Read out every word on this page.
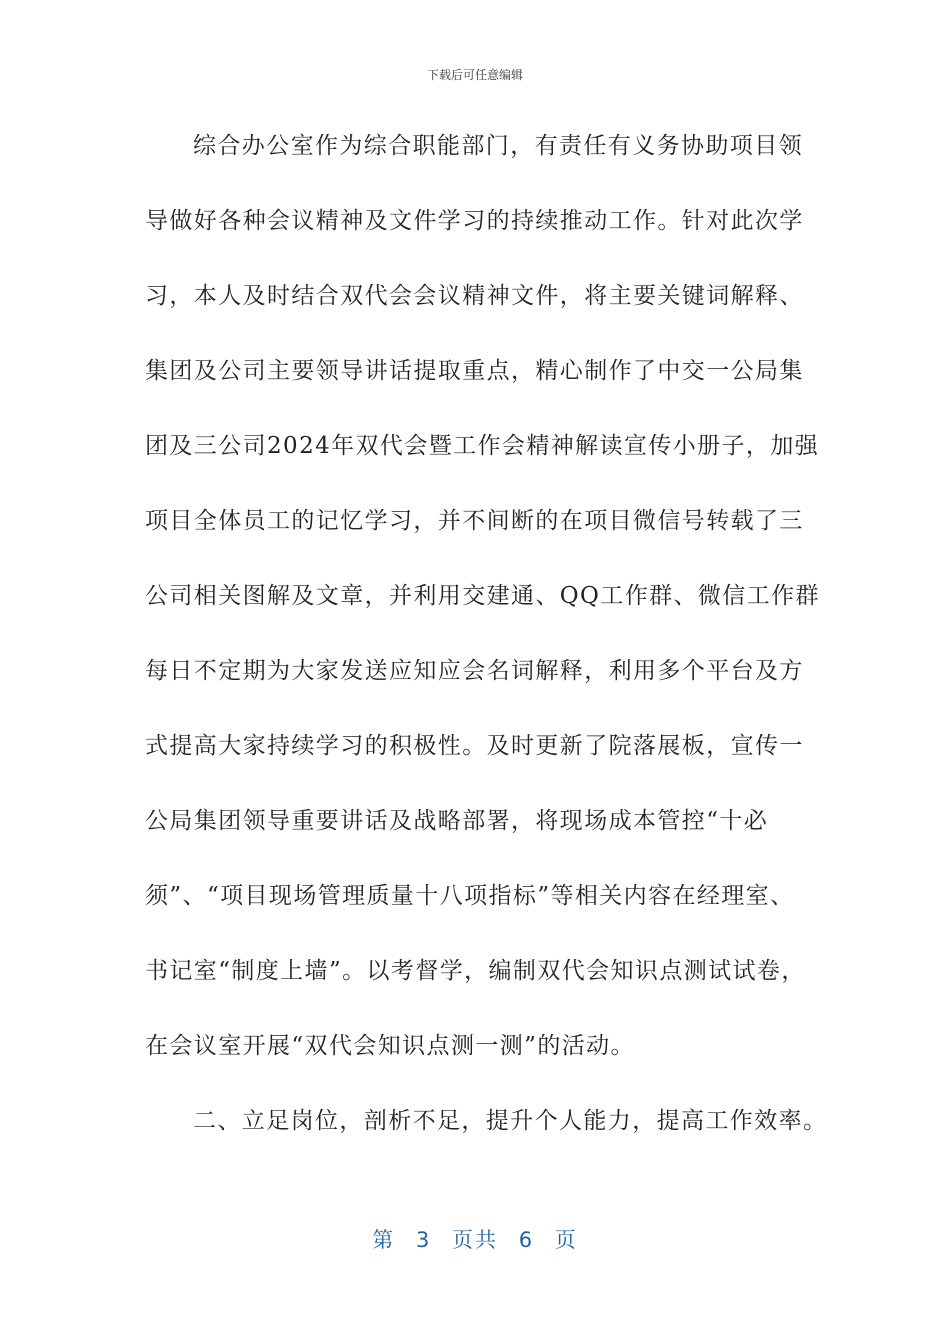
下载后可任意编辑
综合办公室作为综合职能部门，有责任有义务协助项目领
导做好各种会议精神及文件学习的持续推动工作。针对此次学
习，本人及时结合双代会会议精神文件，将主要关键词解释、
集团及公司主要领导讲话提取重点，精心制作了中交一公局集
团及三公司2024年双代会暨工作会精神解读宣传小册子，加强
项目全体员工的记忆学习，并不间断的在项目微信号转载了三
公司相关图解及文章，并利用交建通、QQ工作群、微信工作群
每日不定期为大家发送应知应会名词解释，利用多个平台及方
式提高大家持续学习的积极性。及时更新了院落展板，宣传一
公局集团领导重要讲话及战略部署，将现场成本管控“十必
须”、“项目现场管理质量十八项指标”等相关内容在经理室、
书记室“制度上墙”。以考督学，编制双代会知识点测试试卷，
在会议室开展“双代会知识点测一测”的活动。
二、立足岗位，剖析不足，提升个人能力，提高工作效率。
第 3 页共 6 页
